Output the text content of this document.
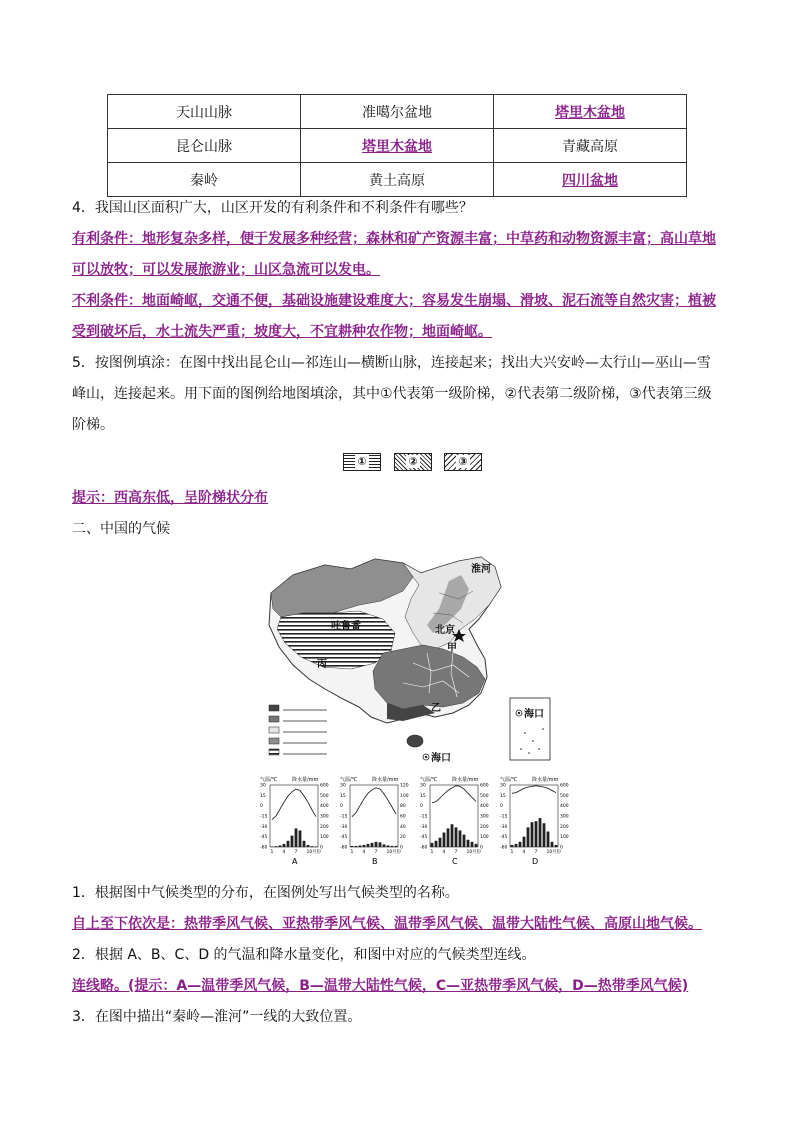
天山山脉	准噶尔盆地	塔里木盆地
昆仑山脉	塔里木盆地	青藏高原
秦岭	黄土高原	四川盆地
4．我国山区面积广大，山区开发的有利条件和不利条件有哪些？
有利条件：地形复杂多样，便于发展多种经营；森林和矿产资源丰富；中草药和动物资源丰富；高山草地可以放牧；可以发展旅游业；山区急流可以发电。
不利条件：地面崎岖，交通不便，基础设施建设难度大；容易发生崩塌、滑坡、泥石流等自然灾害；植被受到破坏后，水土流失严重；坡度大，不宜耕种农作物；地面崎岖。
5．按图例填涂：在图中找出昆仑山—祁连山—横断山脉，连接起来；找出大兴安岭—太行山—巫山—雪峰山，连接起来。用下面的图例给地图填涂，其中①代表第一级阶梯，②代表第二级阶梯，③代表第三级阶梯。
①	②	③
提示：西高东低，呈阶梯状分布
二、中国的气候
淮河
吐鲁番	北京
甲
丙
乙
海口
海口
气温/℃	降水量/mm
-60
-45
-30
-15
0
15
30
0
100
200
300
400
500
600
1 4 7 10 月份
A
气温/℃	降水量/mm
-60
-45
-30
-15
0
15
30
0
20
40
60
80
100
120
1 4 7 10 月份
B
气温/℃	降水量/mm
-60
-45
-30
-15
0
15
30
0
100
200
300
400
500
600
1 4 7 10 月份
C
气温/℃	降水量/mm
-60
-45
-30
-15
0
15
30
0
100
200
300
400
500
600
1 4 7 10 月份
D
1．根据图中气候类型的分布，在图例处写出气候类型的名称。
自上至下依次是：热带季风气候、亚热带季风气候、温带季风气候、温带大陆性气候、高原山地气候。
2．根据 A、B、C、D 的气温和降水量变化，和图中对应的气候类型连线。
连线略。(提示：A—温带季风气候，B—温带大陆性气候，C—亚热带季风气候，D—热带季风气候)
3．在图中描出“秦岭—淮河”一线的大致位置。
